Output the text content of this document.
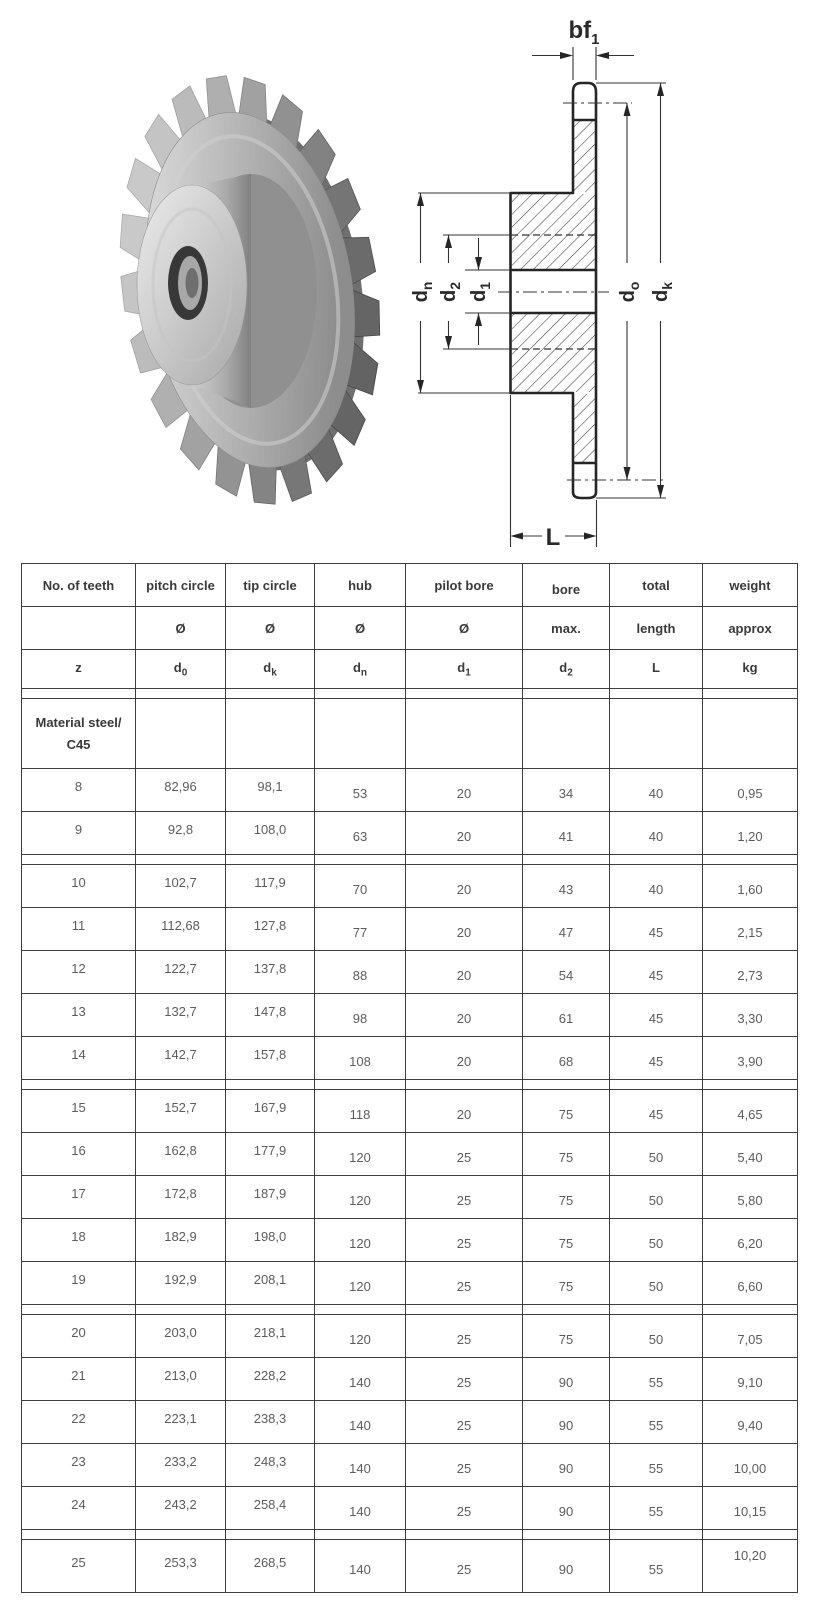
$bf_1$
$d_n$
$d_2$
$d_1$
$d_o$
$d_k$
L
No. of teeth	pitch circle	tip circle	hub	pilot bore	bore	total	weight
	Ø	Ø	Ø	Ø	max.	length	approx
z	$d_0$	$d_k$	$d_n$	$d_1$	$d_2$	L	kg

Material steel/
C45							

8	82,96	98,1	53	20	34	40	0,95
9	92,8	108,0	63	20	41	40	1,20

10	102,7	117,9	70	20	43	40	1,60
11	112,68	127,8	77	20	47	45	2,15
12	122,7	137,8	88	20	54	45	2,73
13	132,7	147,8	98	20	61	45	3,30
14	142,7	157,8	108	20	68	45	3,90

15	152,7	167,9	118	20	75	45	4,65
16	162,8	177,9	120	25	75	50	5,40
17	172,8	187,9	120	25	75	50	5,80
18	182,9	198,0	120	25	75	50	6,20
19	192,9	208,1	120	25	75	50	6,60

20	203,0	218,1	120	25	75	50	7,05
21	213,0	228,2	140	25	90	55	9,10
22	223,1	238,3	140	25	90	55	9,40
23	233,2	248,3	140	25	90	55	10,00
24	243,2	258,4	140	25	90	55	10,15

25	253,3	268,5	140	25	90	55	10,20
